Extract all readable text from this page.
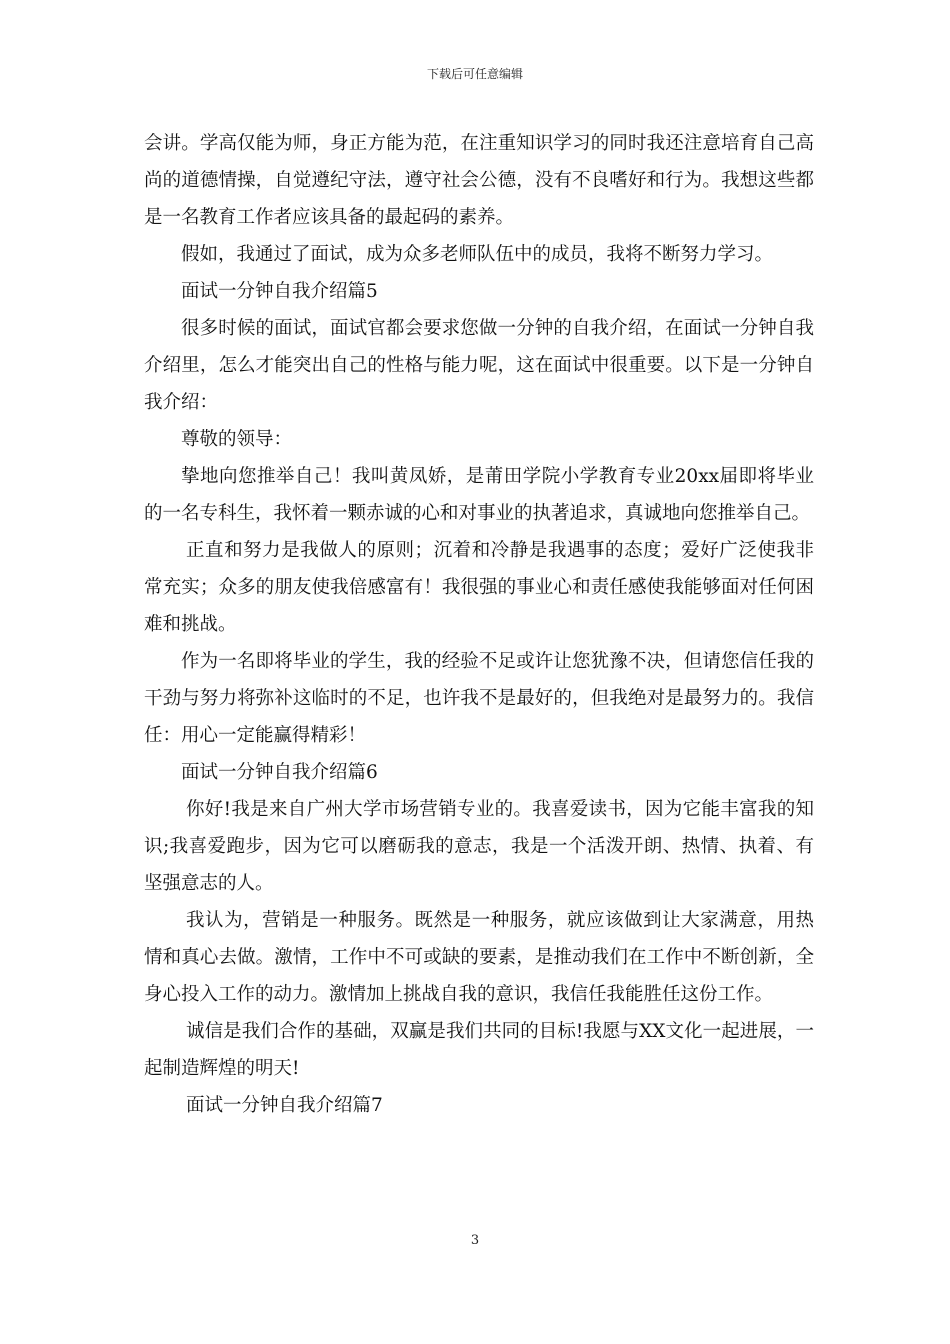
下载后可任意编辑

会讲。学高仅能为师，身正方能为范，在注重知识学习的同时我还注意培育自己高尚的道德情操，自觉遵纪守法，遵守社会公德，没有不良嗜好和行为。我想这些都是一名教育工作者应该具备的最起码的素养。

假如，我通过了面试，成为众多老师队伍中的成员，我将不断努力学习。

面试一分钟自我介绍篇5

很多时候的面试，面试官都会要求您做一分钟的自我介绍，在面试一分钟自我介绍里，怎么才能突出自己的性格与能力呢，这在面试中很重要。以下是一分钟自我介绍：

尊敬的领导：

挚地向您推举自己！我叫黄凤娇，是莆田学院小学教育专业20xx届即将毕业的一名专科生，我怀着一颗赤诚的心和对事业的执著追求，真诚地向您推举自己。

正直和努力是我做人的原则；沉着和冷静是我遇事的态度；爱好广泛使我非常充实；众多的朋友使我倍感富有！我很强的事业心和责任感使我能够面对任何困难和挑战。

作为一名即将毕业的学生，我的经验不足或许让您犹豫不决，但请您信任我的干劲与努力将弥补这临时的不足，也许我不是最好的，但我绝对是最努力的。我信任：用心一定能赢得精彩！

面试一分钟自我介绍篇6

你好!我是来自广州大学市场营销专业的。我喜爱读书，因为它能丰富我的知识;我喜爱跑步，因为它可以磨砺我的意志，我是一个活泼开朗、热情、执着、有坚强意志的人。

我认为，营销是一种服务。既然是一种服务，就应该做到让大家满意，用热情和真心去做。激情，工作中不可或缺的要素，是推动我们在工作中不断创新，全身心投入工作的动力。激情加上挑战自我的意识，我信任我能胜任这份工作。

诚信是我们合作的基础，双赢是我们共同的目标!我愿与XX文化一起进展，一起制造辉煌的明天!

面试一分钟自我介绍篇7

3
